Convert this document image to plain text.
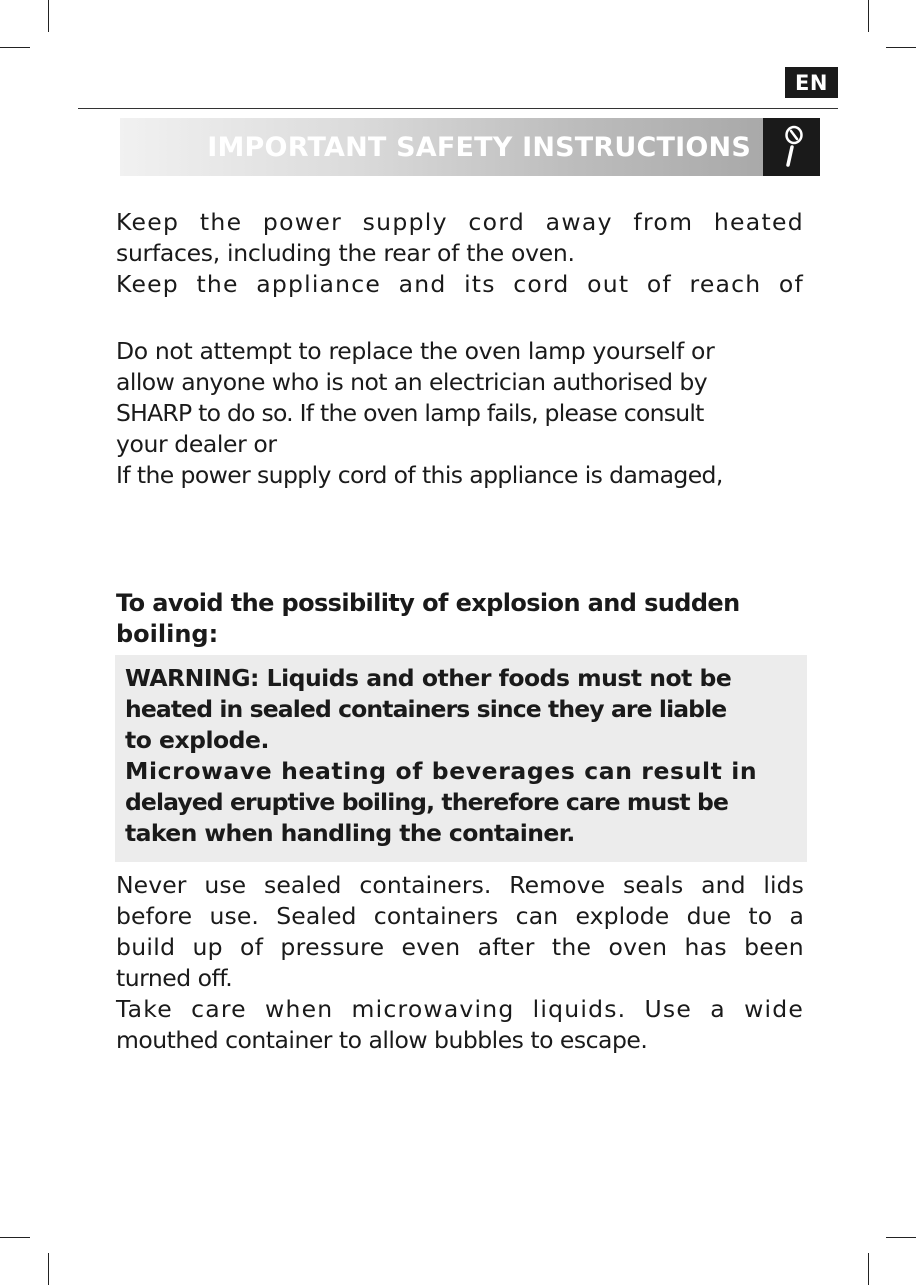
EN
IMPORTANT SAFETY INSTRUCTIONS
Keep the power supply cord away from heated
surfaces, including the rear of the oven.
Keep the appliance and its cord out of reach of
Do not attempt to replace the oven lamp yourself or
allow anyone who is not an electrician authorised by
SHARP to do so. If the oven lamp fails, please consult
your dealer or
If the power supply cord of this appliance is damaged,
To avoid the possibility of explosion and sudden
boiling:
WARNING: Liquids and other foods must not be
heated in sealed containers since they are liable
to explode.
Microwave heating of beverages can result in
delayed eruptive boiling, therefore care must be
taken when handling the container.
Never use sealed containers. Remove seals and lids
before use. Sealed containers can explode due to a
build up of pressure even after the oven has been
turned off.
Take care when microwaving liquids. Use a wide
mouthed container to allow bubbles to escape.
